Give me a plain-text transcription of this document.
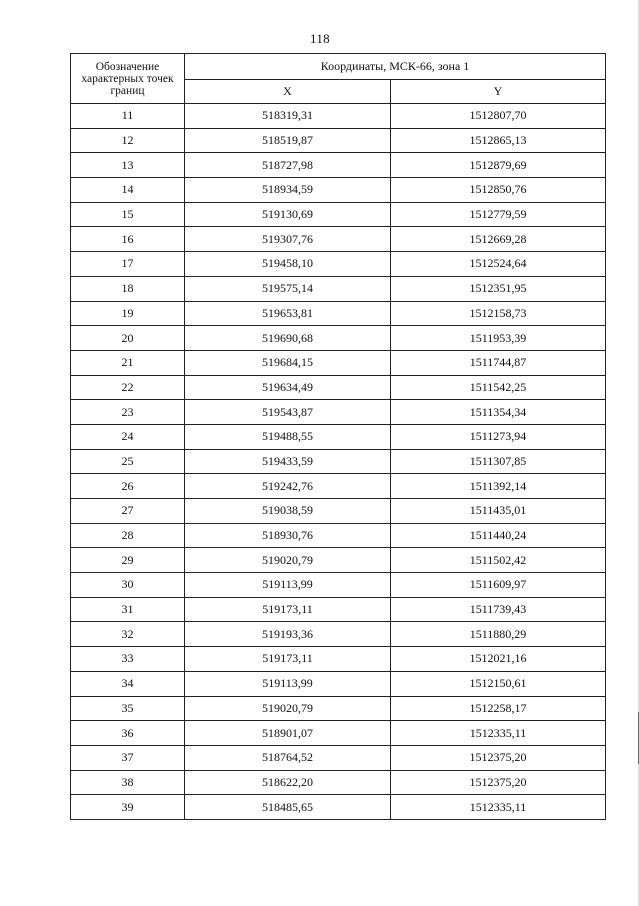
118
Обозначение характерных точек границ	Координаты, МСК-66, зона 1	
	X	Y
11	518319,31	1512807,70
12	518519,87	1512865,13
13	518727,98	1512879,69
14	518934,59	1512850,76
15	519130,69	1512779,59
16	519307,76	1512669,28
17	519458,10	1512524,64
18	519575,14	1512351,95
19	519653,81	1512158,73
20	519690,68	1511953,39
21	519684,15	1511744,87
22	519634,49	1511542,25
23	519543,87	1511354,34
24	519488,55	1511273,94
25	519433,59	1511307,85
26	519242,76	1511392,14
27	519038,59	1511435,01
28	518930,76	1511440,24
29	519020,79	1511502,42
30	519113,99	1511609,97
31	519173,11	1511739,43
32	519193,36	1511880,29
33	519173,11	1512021,16
34	519113,99	1512150,61
35	519020,79	1512258,17
36	518901,07	1512335,11
37	518764,52	1512375,20
38	518622,20	1512375,20
39	518485,65	1512335,11
